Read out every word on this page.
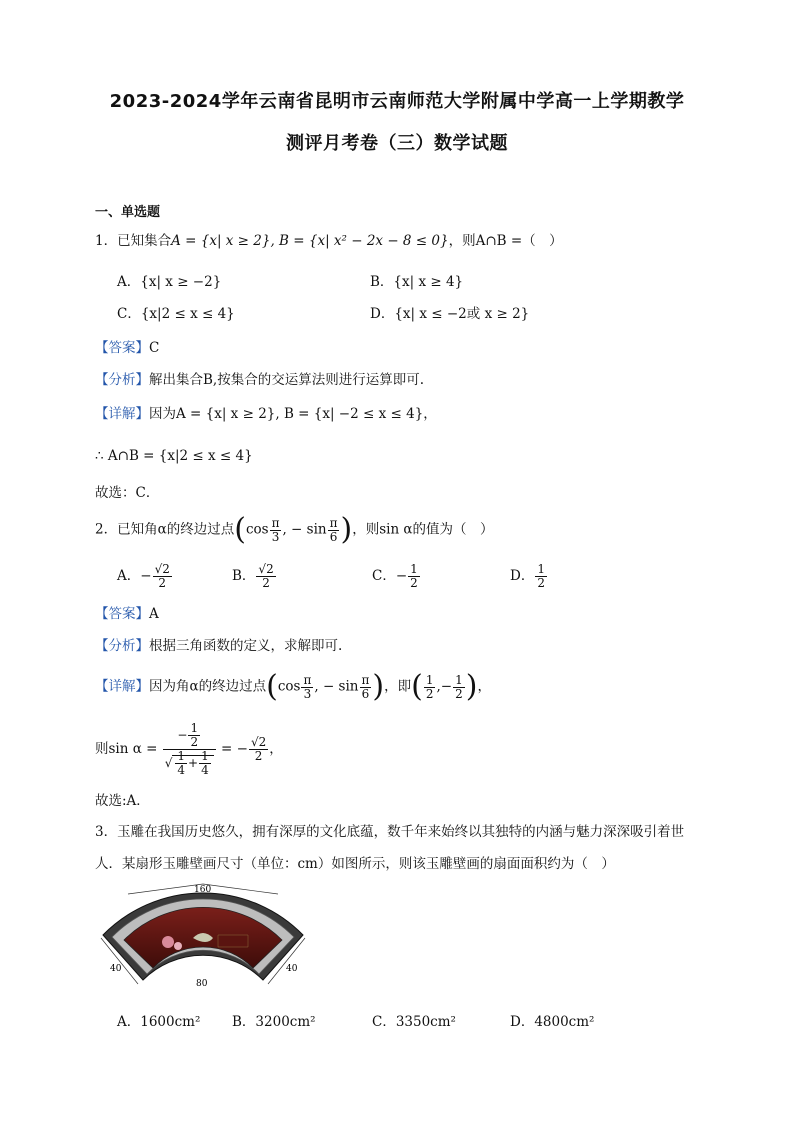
2023-2024学年云南省昆明市云南师范大学附属中学高一上学期教学
测评月考卷（三）数学试题
一、单选题
1．已知集合A = {x| x ≥ 2}, B = {x| x² − 2x − 8 ≤ 0}，则A∩B =（　）
A．{x| x ≥ −2}	B．{x| x ≥ 4}
C．{x|2 ≤ x ≤ 4}	D．{x| x ≤ −2或 x ≥ 2}
【答案】C
【分析】解出集合B,按集合的交运算法则进行运算即可.
【详解】因为A = {x| x ≥ 2}, B = {x| −2 ≤ x ≤ 4}，
∴ A∩B = {x|2 ≤ x ≤ 4}
故选：C．
2．已知角α的终边过点($\cos \frac{\pi}{3}$ , − $\sin \frac{\pi}{6}$ )，则sin α的值为（　）
A．− $\frac{√2}{2}$	B． $\frac{√2}{2}$	C．− $\frac{1}{2}$	D． $\frac{1}{2}$
【答案】A
【分析】根据三角函数的定义，求解即可.
【详解】因为角α的终边过点($\cos \frac{\pi}{3}$ , − $\sin \frac{\pi}{6}$ )，即( $\frac{1}{2}$ ,− $\frac{1}{2}$ )，
则$\sin \alpha = \frac{- \frac{1}{2}}{√ \frac{1}{4} + \frac{1}{4}}$ = − $\frac{√2}{2}$ ，
故选:A．
3．玉雕在我国历史悠久，拥有深厚的文化底蕴，数千年来始终以其独特的内涵与魅力深深吸引着世
人．某扇形玉雕壁画尺寸（单位：cm）如图所示，则该玉雕壁画的扇面面积约为（　）
160
40	40
80
A．1600cm² B．3200cm²	C．3350cm²	D．4800cm²
